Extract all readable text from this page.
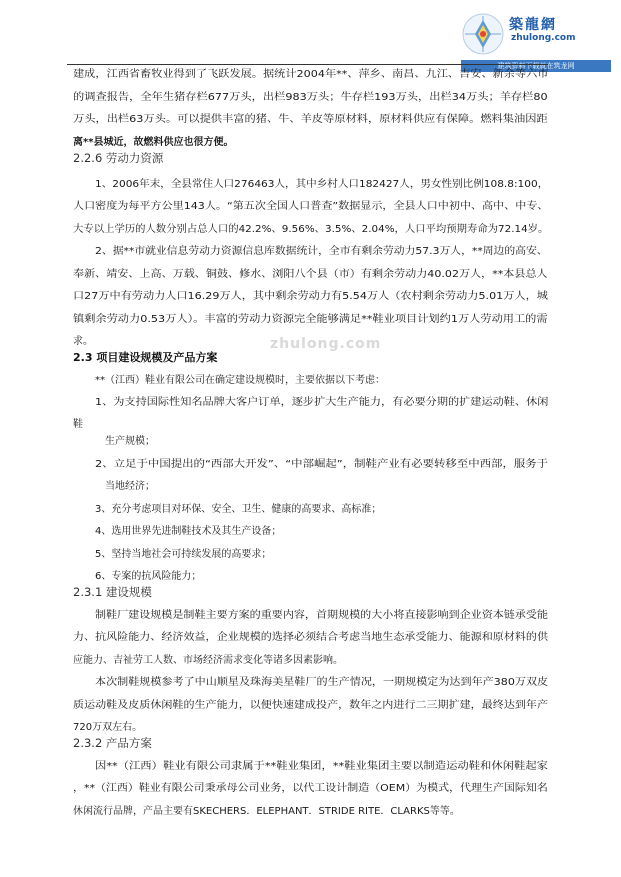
築龍網
zhulong.com
建筑资料下载就在筑龙网
zhulong.com
建成，江西省畜牧业得到了飞跃发展。据统计2004年**、萍乡、南昌、九江、吉安、新余等六市
的调查报告，全年生猪存栏677万头，出栏983万头；牛存栏193万头，出栏34万头；羊存栏80
万头，出栏63万头。可以提供丰富的猪、牛、羊皮等原材料，原材料供应有保障。燃料集油因距
离**县城近，故燃料供应也很方便。
2.2.6 劳动力资源
1、2006年末，全县常住人口276463人，其中乡村人口182427人，男女性别比例108.8:100，
人口密度为每平方公里143人。“第五次全国人口普查”数据显示，全县人口中初中、高中、中专、
大专以上学历的人数分别占总人口的42.2%、9.56%、3.5%、2.04%，人口平均预期寿命为72.14岁。
2、据**市就业信息劳动力资源信息库数据统计，全市有剩余劳动力57.3万人，**周边的高安、
奉新、靖安、上高、万载、铜鼓、修水、浏阳八个县（市）有剩余劳动力40.02万人，**本县总人
口27万中有劳动力人口16.29万人，其中剩余劳动力有5.54万人（农村剩余劳动力5.01万人，城
镇剩余劳动力0.53万人）。丰富的劳动力资源完全能够满足**鞋业项目计划约1万人劳动用工的需
求。
2.3 项目建设规模及产品方案
**（江西）鞋业有限公司在确定建设规模时，主要依据以下考虑：
1、为支持国际性知名品牌大客户订单，逐步扩大生产能力，有必要分期的扩建运动鞋、休闲
鞋
生产规模；
2、立足于中国提出的“西部大开发”、“中部崛起”，制鞋产业有必要转移至中西部，服务于
当地经济；
3、充分考虑项目对环保、安全、卫生、健康的高要求、高标准；
4、选用世界先进制鞋技术及其生产设备；
5、坚持当地社会可持续发展的高要求；
6、专案的抗风险能力；
2.3.1 建设规模
制鞋厂建设规模是制鞋主要方案的重要内容，首期规模的大小将直接影响到企业资本链承受能
力、抗风险能力、经济效益，企业规模的选择必须结合考虑当地生态承受能力、能源和原材料的供
应能力、吉祉劳工人数、市场经济需求变化等诸多因素影响。
本次制鞋规模参考了中山顺星及珠海美星鞋厂的生产情况，一期规模定为达到年产380万双皮
质运动鞋及皮质休闲鞋的生产能力，以便快速建成投产，数年之内进行二三期扩建，最终达到年产
720万双左右。
2.3.2 产品方案
因**（江西）鞋业有限公司隶属于**鞋业集团，**鞋业集团主要以制造运动鞋和休闲鞋起家
，**（江西）鞋业有限公司秉承母公司业务，以代工设计制造（OEM）为模式，代理生产国际知名
休闲流行品牌，产品主要有SKECHERS．ELEPHANT．STRIDE RITE．CLARKS等等。
